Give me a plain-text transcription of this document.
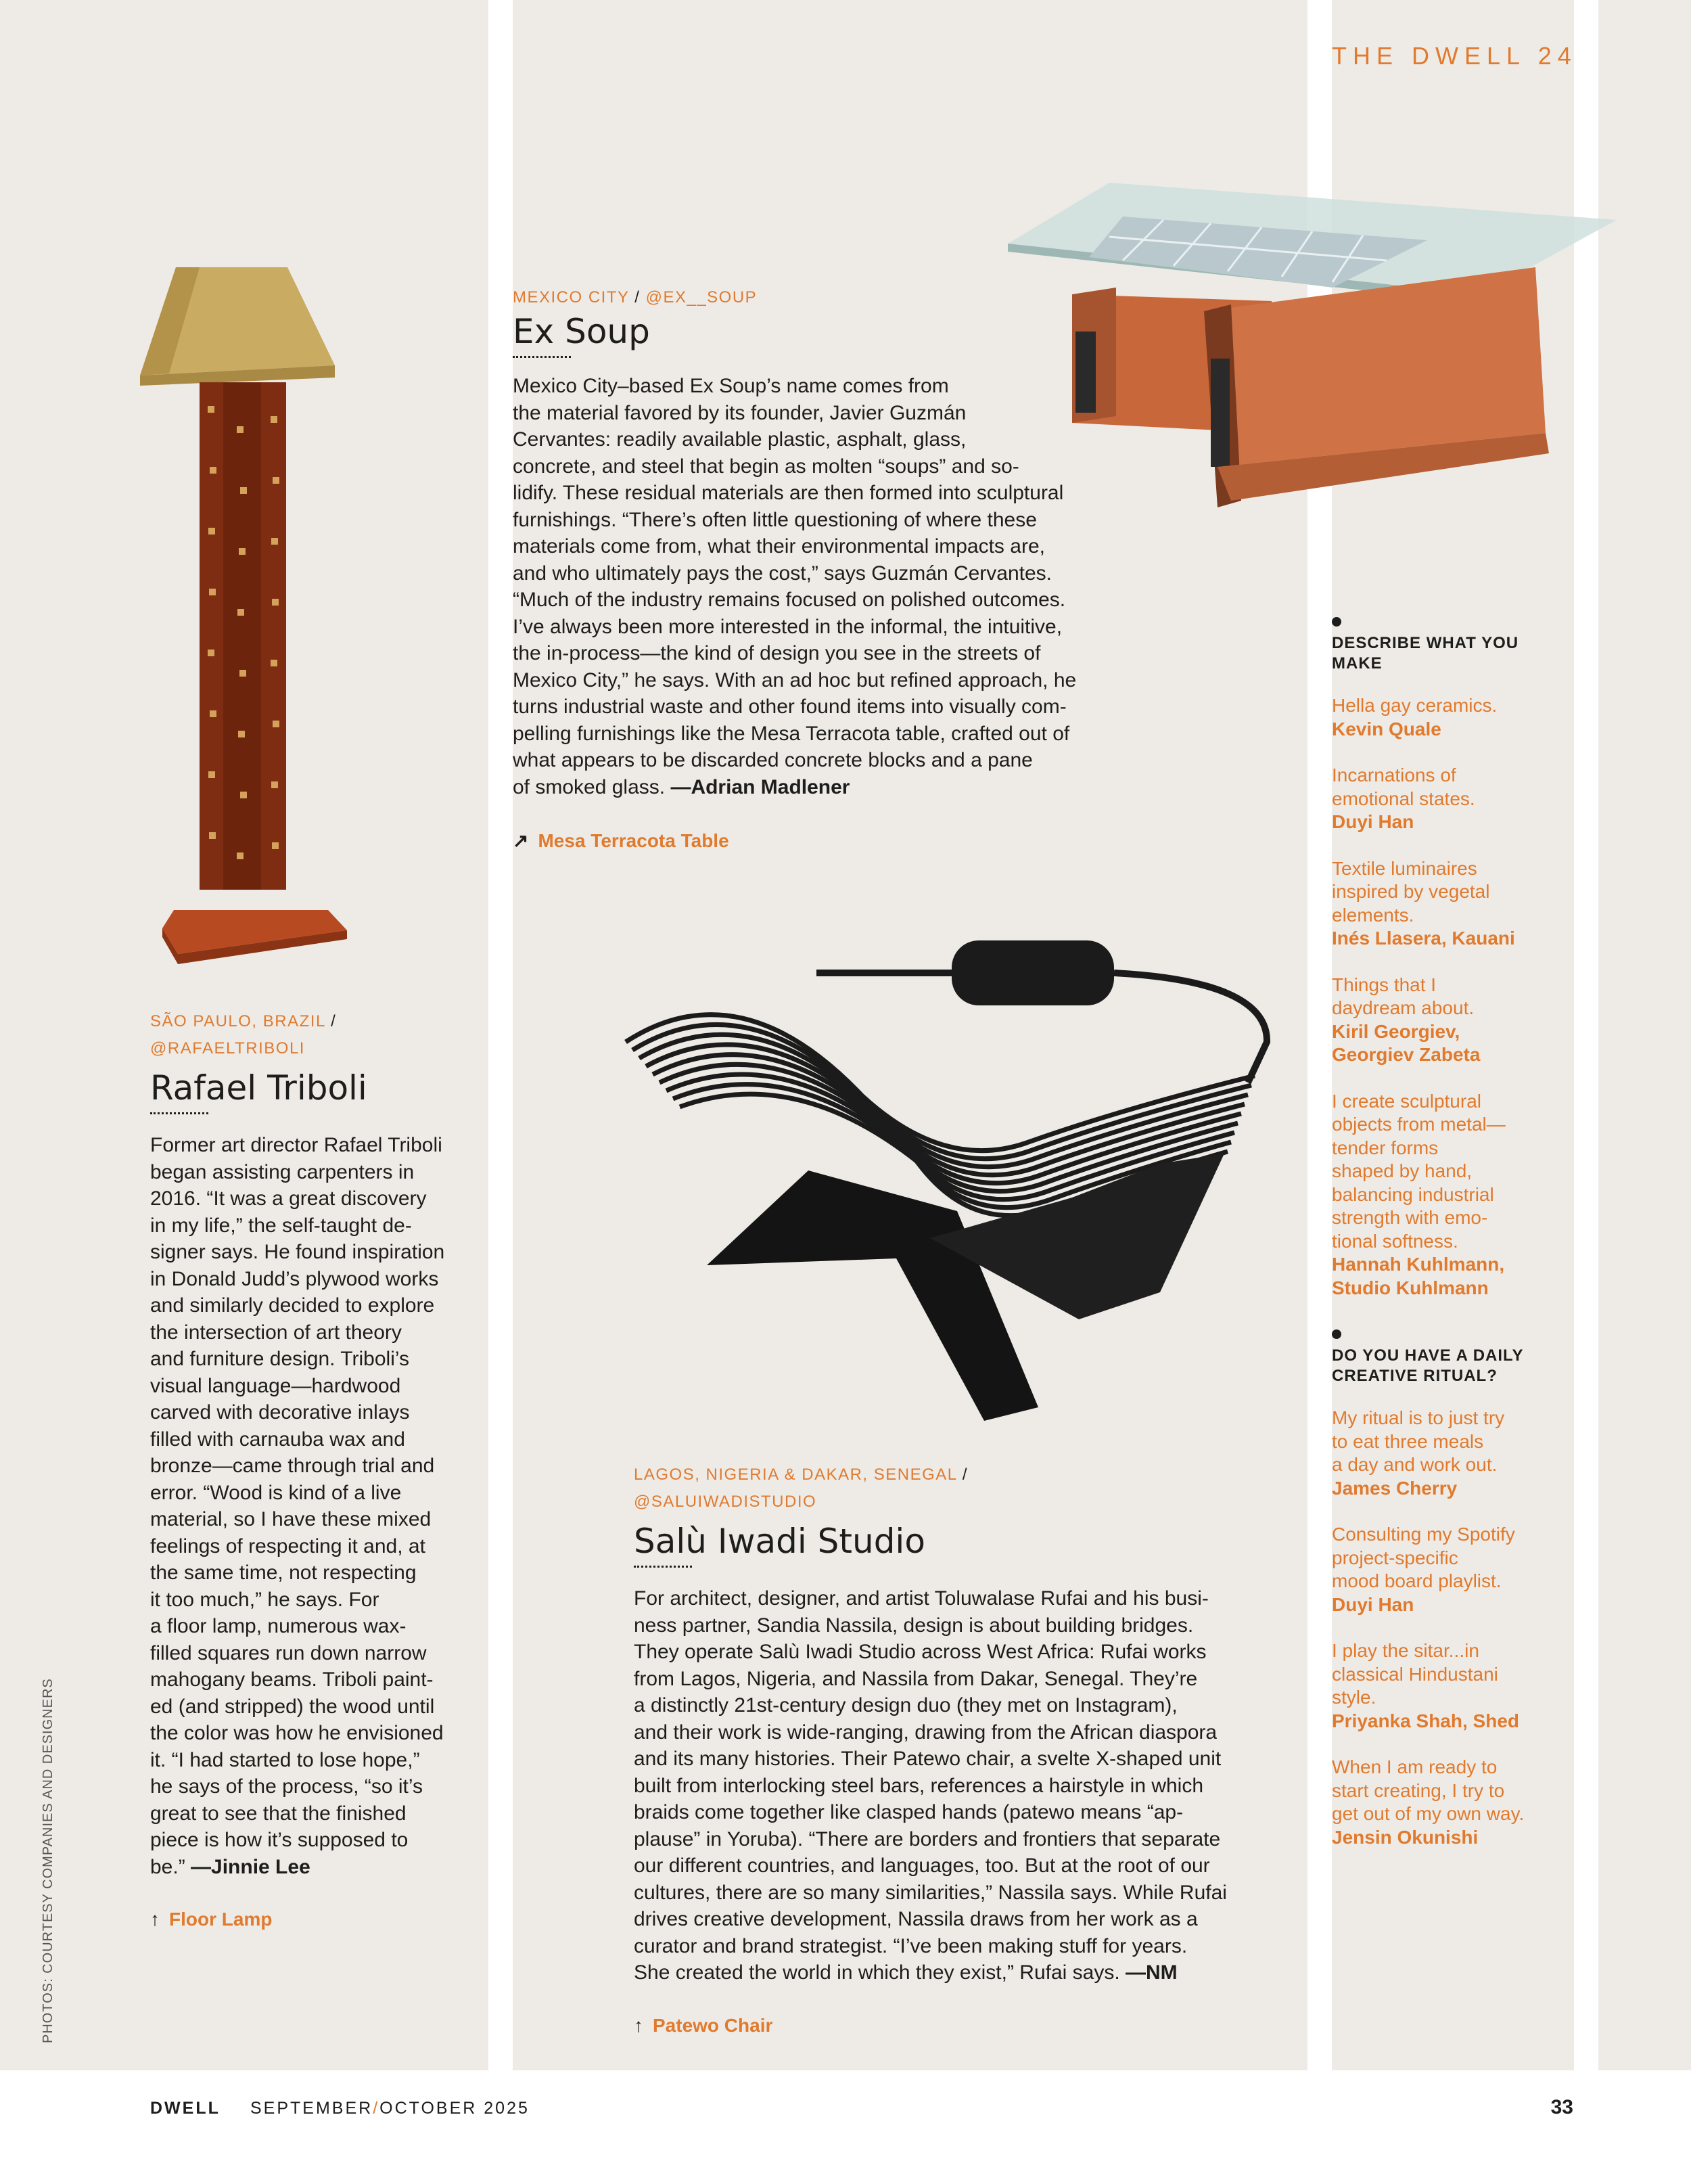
THE DWELL 24
MEXICO CITY / @EX__SOUP
Ex Soup
Mexico City–based Ex Soup’s name comes from
the material favored by its founder, Javier Guzmán
Cervantes: readily available plastic, asphalt, glass,
concrete, and steel that begin as molten “soups” and so-
lidify. These residual materials are then formed into sculptural
furnishings. “There’s often little questioning of where these
materials come from, what their environmental impacts are,
and who ultimately pays the cost,” says Guzmán Cervantes.
“Much of the industry remains focused on polished outcomes.
I’ve always been more interested in the informal, the intuitive,
the in-process—the kind of design you see in the streets of
Mexico City,” he says. With an ad hoc but refined approach, he
turns industrial waste and other found items into visually com-
pelling furnishings like the Mesa Terracota table, crafted out of
what appears to be discarded concrete blocks and a pane
of smoked glass. —Adrian Madlener
↗ Mesa Terracota Table
SÃO PAULO, BRAZIL /
@RAFAELTRIBOLI
Rafael Triboli
Former art director Rafael Triboli
began assisting carpenters in
2016. “It was a great discovery
in my life,” the self-taught de-
signer says. He found inspiration
in Donald Judd’s plywood works
and similarly decided to explore
the intersection of art theory
and furniture design. Triboli’s
visual language—hardwood
carved with decorative inlays
filled with carnauba wax and
bronze—came through trial and
error. “Wood is kind of a live
material, so I have these mixed
feelings of respecting it and, at
the same time, not respecting
it too much,” he says. For
a floor lamp, numerous wax-
filled squares run down narrow
mahogany beams. Triboli paint-
ed (and stripped) the wood until
the color was how he envisioned
it. “I had started to lose hope,”
he says of the process, “so it’s
great to see that the finished
piece is how it’s supposed to
be.” —Jinnie Lee
↑ Floor Lamp
LAGOS, NIGERIA & DAKAR, SENEGAL /
@SALUIWADISTUDIO
Salù Iwadi Studio
For architect, designer, and artist Toluwalase Rufai and his busi-
ness partner, Sandia Nassila, design is about building bridges.
They operate Salù Iwadi Studio across West Africa: Rufai works
from Lagos, Nigeria, and Nassila from Dakar, Senegal. They’re
a distinctly 21st-century design duo (they met on Instagram),
and their work is wide-ranging, drawing from the African diaspora
and its many histories. Their Patewo chair, a svelte X-shaped unit
built from interlocking steel bars, references a hairstyle in which
braids come together like clasped hands (patewo means “ap-
plause” in Yoruba). “There are borders and frontiers that separate
our different countries, and languages, too. But at the root of our
cultures, there are so many similarities,” Nassila says. While Rufai
drives creative development, Nassila draws from her work as a
curator and brand strategist. “I’ve been making stuff for years.
She created the world in which they exist,” Rufai says. —NM
↑ Patewo Chair
DESCRIBE WHAT YOU
MAKE

Hella gay ceramics.
Kevin Quale

Incarnations of
emotional states.
Duyi Han

Textile luminaires
inspired by vegetal
elements.
Inés Llasera, Kauani

Things that I
daydream about.
Kiril Georgiev,
Georgiev Zabeta

I create sculptural
objects from metal—
tender forms
shaped by hand,
balancing industrial
strength with emo-
tional softness.
Hannah Kuhlmann,
Studio Kuhlmann

DO YOU HAVE A DAILY
CREATIVE RITUAL?

My ritual is to just try
to eat three meals
a day and work out.
James Cherry

Consulting my Spotify
project-specific
mood board playlist.
Duyi Han

I play the sitar...in
classical Hindustani
style.
Priyanka Shah, Shed

When I am ready to
start creating, I try to
get out of my own way.
Jensin Okunishi

PHOTOS: COURTESY COMPANIES AND DESIGNERS
DWELL SEPTEMBER/OCTOBER 2025	33
